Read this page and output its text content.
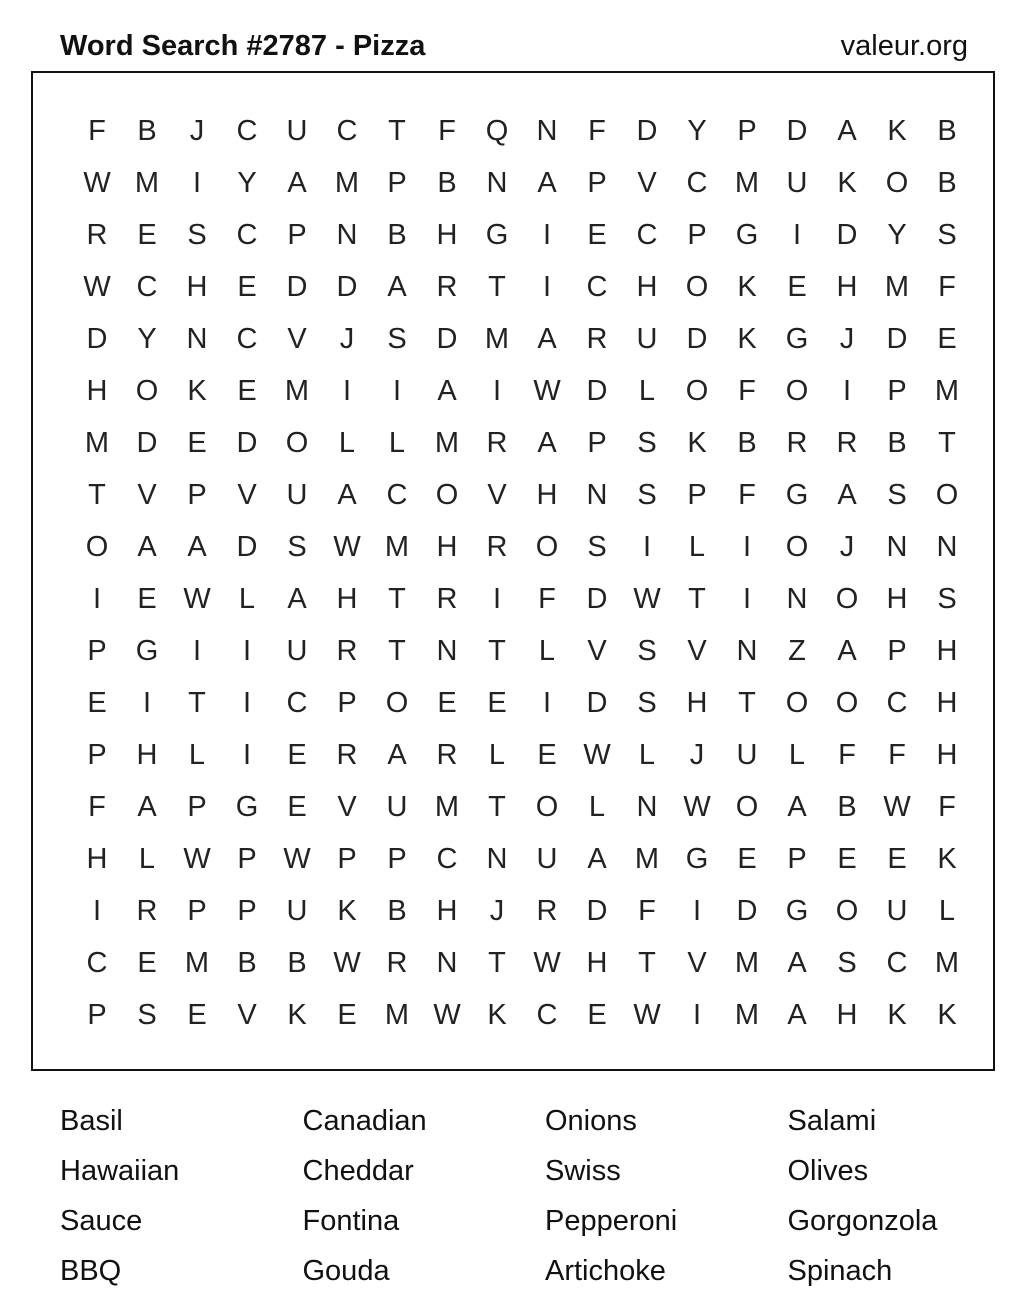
Word Search #2787 - Pizza	valeur.org
F	B	J	C	U	C	T	F	Q N	F	D	Y	P	D	A	K	B
W M	I	Y	A M P	B	N	A	P	V	C M U	K	O	B
R	E	S	C	P	N	B	H G	I	E	C	P	G	I	D	Y	S
W C	H	E	D	D	A	R	T	I	C	H O	K	E	H M	F
D	Y	N	C	V	J	S	D M A	R	U	D	K	G	J	D	E
H O	K	E M	I	I	A	I	W D	L	O	F	O	I	P M
M D	E	D O	L	L	M R	A	P	S	K	B	R	R	B	T
T	V	P	V	U	A	C O	V	H	N	S	P	F	G	A	S	O
O	A	A	D	S W M H	R O	S	I	L	I	O	J	N	N
I	E W L	A	H	T	R	I	F	D W T	I	N O H	S
P	G	I	I	U	R	T	N	T	L	V	S	V	N	Z	A	P	H
E	I	T	I	C	P	O	E	E	I	D	S	H	T	O O C	H
P	H	L	I	E	R	A	R	L	E W L	J	U	L	F	F	H
F	A	P	G	E	V	U M	T	O	L	N W O	A	B W F
H	L W P W P	P	C	N	U	A M G	E	P	E	E	K
I	R	P	P	U	K	B	H	J	R	D	F	I	D G O U	L
C	E M B	B W R	N	T W H	T	V M A	S	C M
P	S	E	V	K	E M W K	C	E W	I	M A	H	K	K
Basil	Canadian	Onions	Salami
Hawaiian	Cheddar	Swiss	Olives
Sauce	Fontina	Pepperoni	Gorgonzola
BBQ	Gouda	Artichoke	Spinach
